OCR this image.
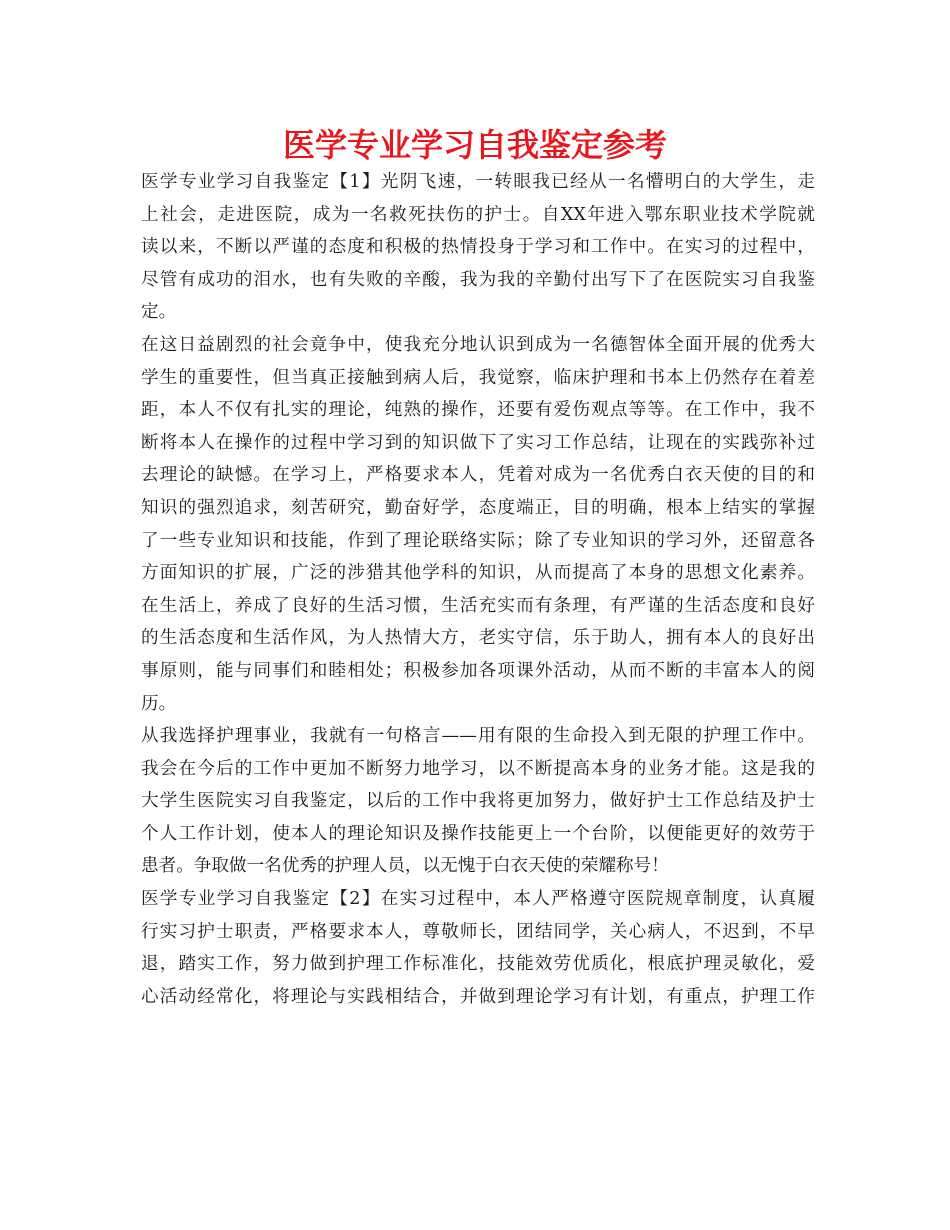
医学专业学习自我鉴定参考
医学专业学习自我鉴定【1】光阴飞速，一转眼我已经从一名懵明白的大学生，走
上社会，走进医院，成为一名救死扶伤的护士。自XX年进入鄂东职业技术学院就
读以来，不断以严谨的态度和积极的热情投身于学习和工作中。在实习的过程中，
尽管有成功的泪水，也有失败的辛酸，我为我的辛勤付出写下了在医院实习自我鉴
定。
在这日益剧烈的社会竟争中，使我充分地认识到成为一名德智体全面开展的优秀大
学生的重要性，但当真正接触到病人后，我觉察，临床护理和书本上仍然存在着差
距，本人不仅有扎实的理论，纯熟的操作，还要有爱伤观点等等。在工作中，我不
断将本人在操作的过程中学习到的知识做下了实习工作总结，让现在的实践弥补过
去理论的缺憾。在学习上，严格要求本人，凭着对成为一名优秀白衣天使的目的和
知识的强烈追求，刻苦研究，勤奋好学，态度端正，目的明确，根本上结实的掌握
了一些专业知识和技能，作到了理论联络实际；除了专业知识的学习外，还留意各
方面知识的扩展，广泛的涉猎其他学科的知识，从而提高了本身的思想文化素养。
在生活上，养成了良好的生活习惯，生活充实而有条理，有严谨的生活态度和良好
的生活态度和生活作风，为人热情大方，老实守信，乐于助人，拥有本人的良好出
事原则，能与同事们和睦相处；积极参加各项课外活动，从而不断的丰富本人的阅
历。
从我选择护理事业，我就有一句格言——用有限的生命投入到无限的护理工作中。
我会在今后的工作中更加不断努力地学习，以不断提高本身的业务才能。这是我的
大学生医院实习自我鉴定，以后的工作中我将更加努力，做好护士工作总结及护士
个人工作计划，使本人的理论知识及操作技能更上一个台阶，以便能更好的效劳于
患者。争取做一名优秀的护理人员，以无愧于白衣天使的荣耀称号！
医学专业学习自我鉴定【2】在实习过程中，本人严格遵守医院规章制度，认真履
行实习护士职责，严格要求本人，尊敬师长，团结同学，关心病人，不迟到，不早
退，踏实工作，努力做到护理工作标准化，技能效劳优质化，根底护理灵敏化，爱
心活动经常化，将理论与实践相结合，并做到理论学习有计划，有重点，护理工作
